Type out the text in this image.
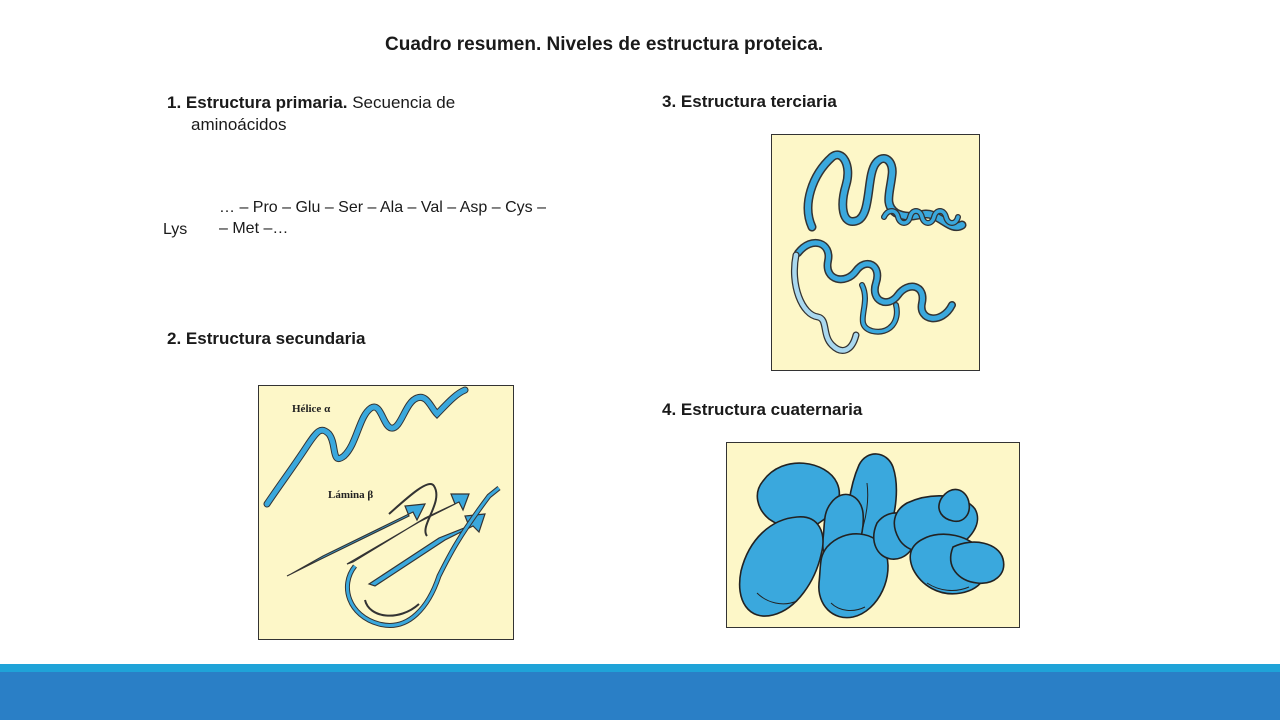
Cuadro resumen. Niveles de estructura proteica.
1. Estructura primaria. Secuencia de
aminoácidos
… – Pro – Glu – Ser – Ala – Val – Asp – Cys –
Lys – Met –…
2. Estructura secundaria
Hélice α
Lámina β
3. Estructura terciaria
4. Estructura cuaternaria
